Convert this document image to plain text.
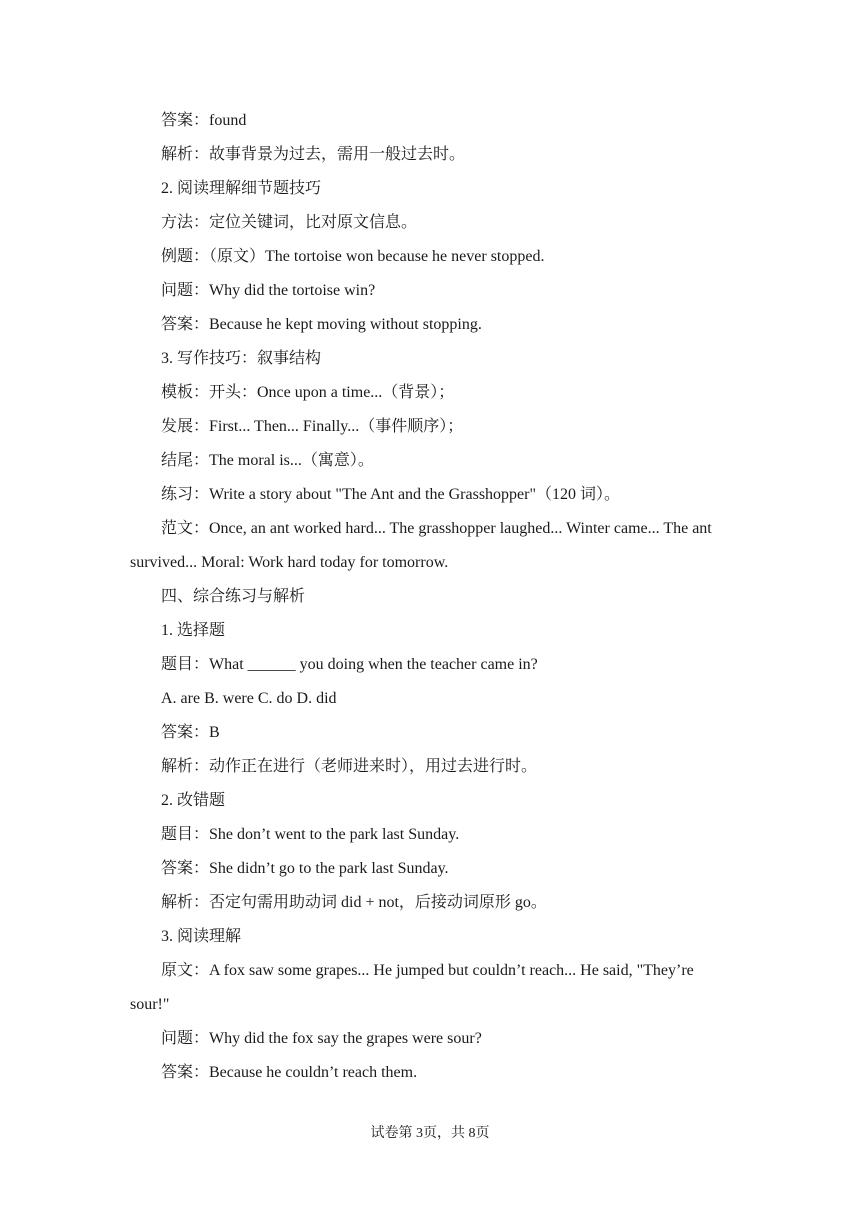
答案：found
解析：故事背景为过去，需用一般过去时。
2. 阅读理解细节题技巧
方法：定位关键词，比对原文信息。
例题：（原文）The tortoise won because he never stopped.
问题：Why did the tortoise win?
答案：Because he kept moving without stopping.
3. 写作技巧：叙事结构
模板：开头：Once upon a time...（背景）；
发展：First... Then... Finally...（事件顺序）；
结尾：The moral is...（寓意）。
练习：Write a story about "The Ant and the Grasshopper"（120 词）。
范文：Once, an ant worked hard... The grasshopper laughed... Winter came... The ant survived... Moral: Work hard today for tomorrow.
四、综合练习与解析
1. 选择题
题目：What ______ you doing when the teacher came in?
A. are B. were C. do D. did
答案：B
解析：动作正在进行（老师进来时），用过去进行时。
2. 改错题
题目：She don’t went to the park last Sunday.
答案：She didn’t go to the park last Sunday.
解析：否定句需用助动词 did + not，后接动词原形 go。
3. 阅读理解
原文：A fox saw some grapes... He jumped but couldn’t reach... He said, "They’re sour!"
问题：Why did the fox say the grapes were sour?
答案：Because he couldn’t reach them.
试卷第 3页，共 8页
